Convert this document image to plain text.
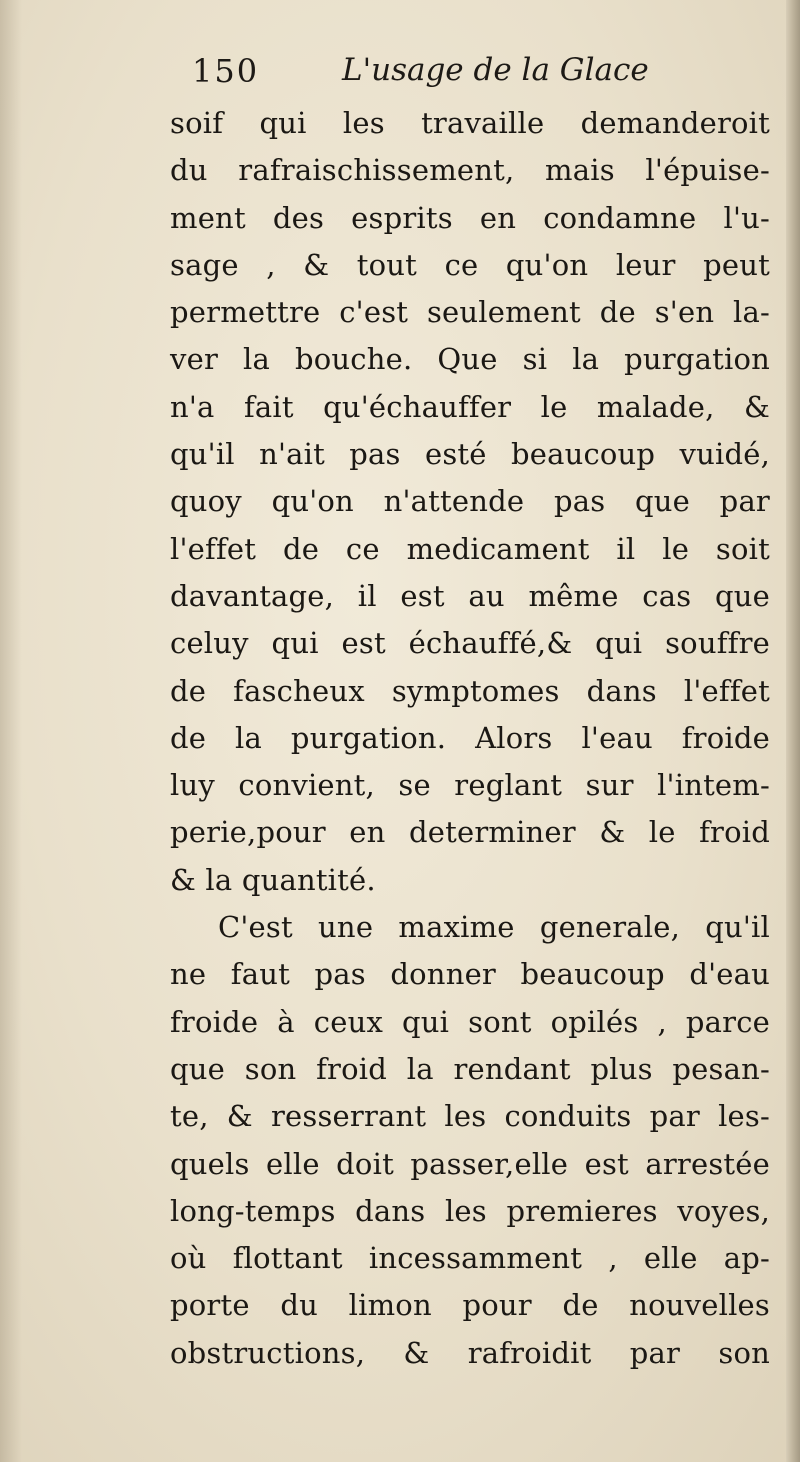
150	L'usage de la Glace
soif qui les travaille demanderoit
du rafraischissement, mais l'épuise-
ment des esprits en condamne l'u-
sage , & tout ce qu'on leur peut
permettre c'est seulement de s'en la-
ver la bouche. Que si la purgation
n'a fait qu'échauffer le malade, &
qu'il n'ait pas esté beaucoup vuidé,
quoy qu'on n'attende pas que par
l'effet de ce medicament il le soit
davantage, il est au même cas que
celuy qui est échauffé,& qui souffre
de fascheux symptomes dans l'effet
de la purgation. Alors l'eau froide
luy convient, se reglant sur l'intem-
perie,pour en determiner & le froid
& la quantité.
C'est une maxime generale, qu'il
ne faut pas donner beaucoup d'eau
froide à ceux qui sont opilés , parce
que son froid la rendant plus pesan-
te, & resserrant les conduits par les-
quels elle doit passer,elle est arrestée
long-temps dans les premieres voyes,
où flottant incessamment , elle ap-
porte du limon pour de nouvelles
obstructions, & rafroidit par son
